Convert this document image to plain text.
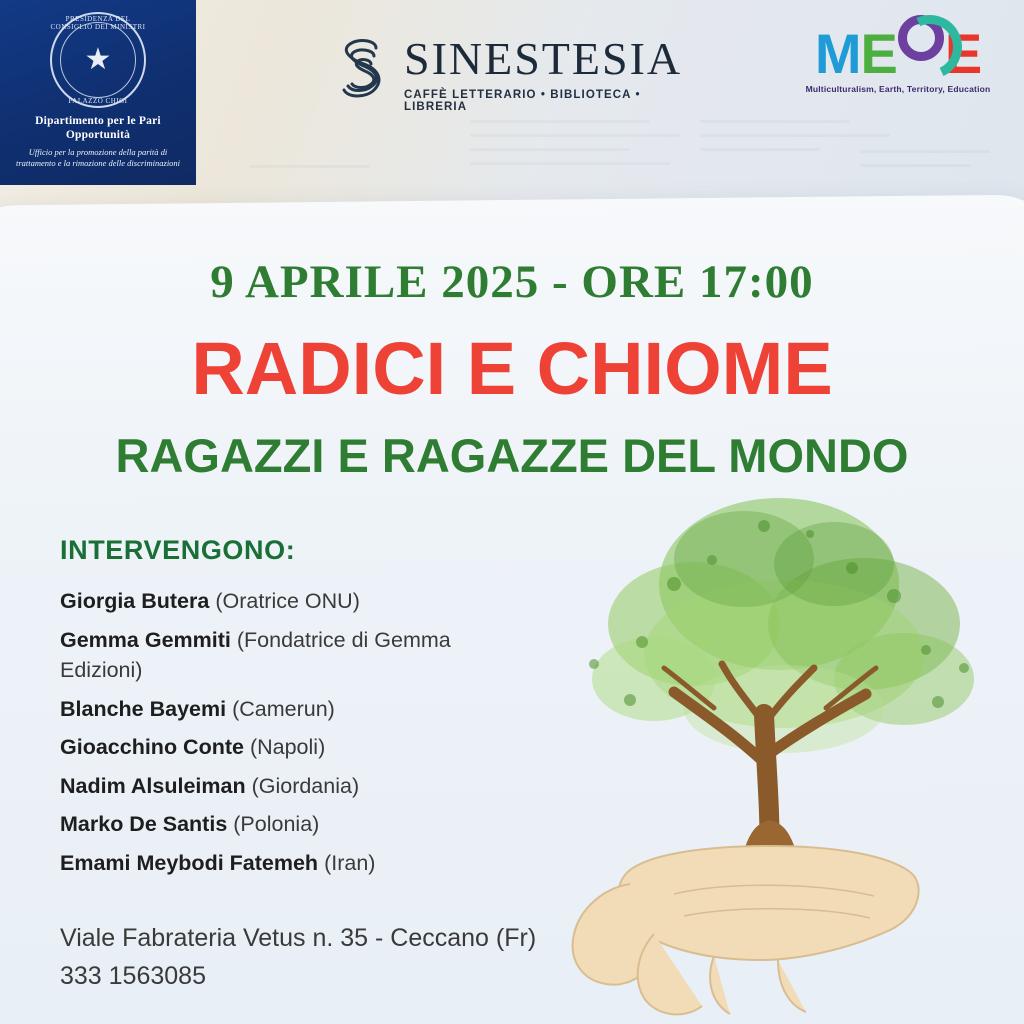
PRESIDENZA DEL CONSIGLIO DEI MINISTRI
★
PALAZZO CHIGI
Dipartimento per le Pari Opportunità
Ufficio per la promozione della parità di trattamento e la rimozione delle discriminazioni
SINESTESIA
CAFFÈ LETTERARIO • BIBLIOTECA • LIBRERIA
M E E
Multiculturalism, Earth, Territory, Education
9 APRILE 2025 - ORE 17:00
RADICI E CHIOME
RAGAZZI E RAGAZZE DEL MONDO
INTERVENGONO:
Giorgia Butera (Oratrice ONU)
Gemma Gemmiti (Fondatrice di Gemma Edizioni)
Blanche Bayemi (Camerun)
Gioacchino Conte (Napoli)
Nadim Alsuleiman (Giordania)
Marko De Santis (Polonia)
Emami Meybodi Fatemeh (Iran)
Viale Fabrateria Vetus n. 35 - Ceccano (Fr)
333 1563085
